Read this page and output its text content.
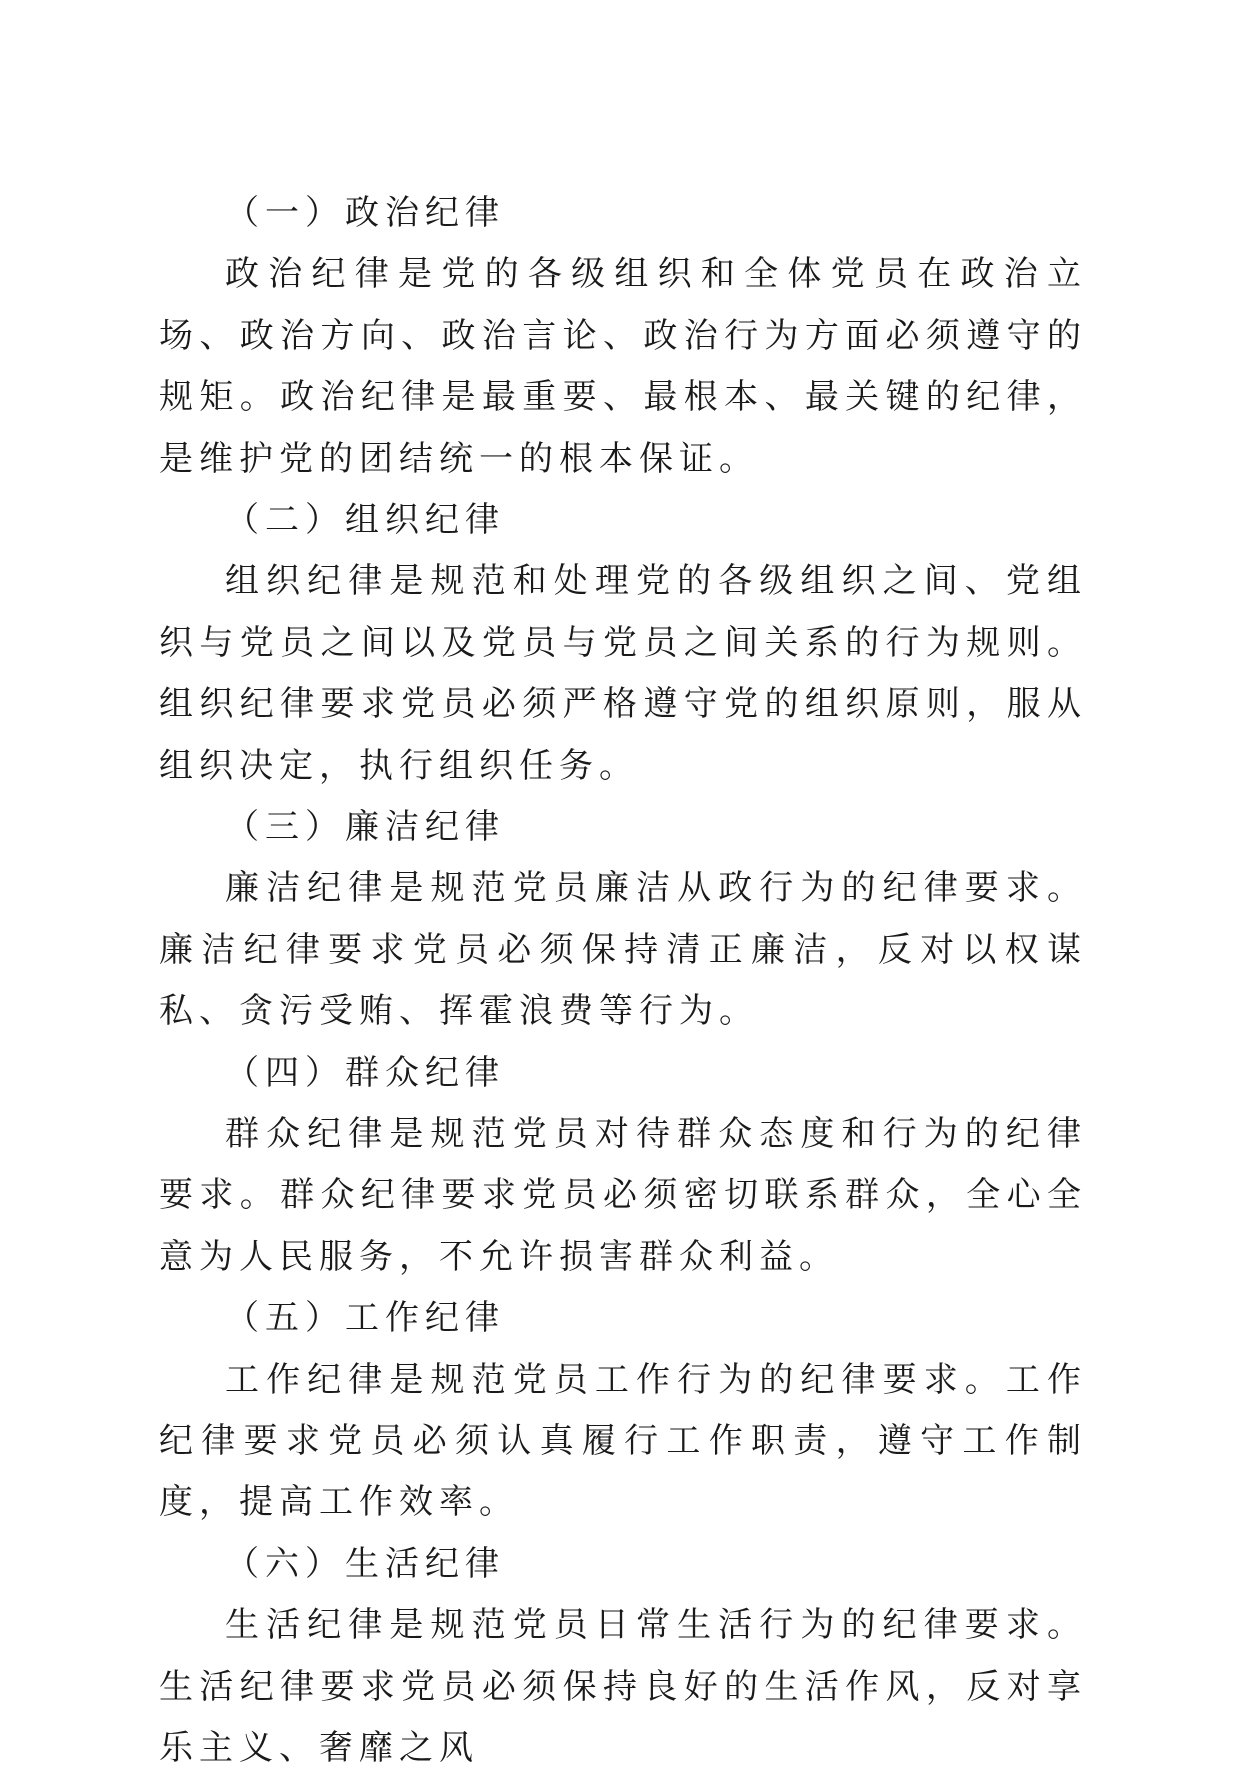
（一）政治纪律

政治纪律是党的各级组织和全体党员在政治立场、政治方向、政治言论、政治行为方面必须遵守的规矩。政治纪律是最重要、最根本、最关键的纪律，是维护党的团结统一的根本保证。

（二）组织纪律

组织纪律是规范和处理党的各级组织之间、党组织与党员之间以及党员与党员之间关系的行为规则。组织纪律要求党员必须严格遵守党的组织原则，服从组织决定，执行组织任务。

（三）廉洁纪律

廉洁纪律是规范党员廉洁从政行为的纪律要求。廉洁纪律要求党员必须保持清正廉洁，反对以权谋私、贪污受贿、挥霍浪费等行为。

（四）群众纪律

群众纪律是规范党员对待群众态度和行为的纪律要求。群众纪律要求党员必须密切联系群众，全心全意为人民服务，不允许损害群众利益。

（五）工作纪律

工作纪律是规范党员工作行为的纪律要求。工作纪律要求党员必须认真履行工作职责，遵守工作制度，提高工作效率。

（六）生活纪律

生活纪律是规范党员日常生活行为的纪律要求。生活纪律要求党员必须保持良好的生活作风，反对享乐主义、奢靡之风
